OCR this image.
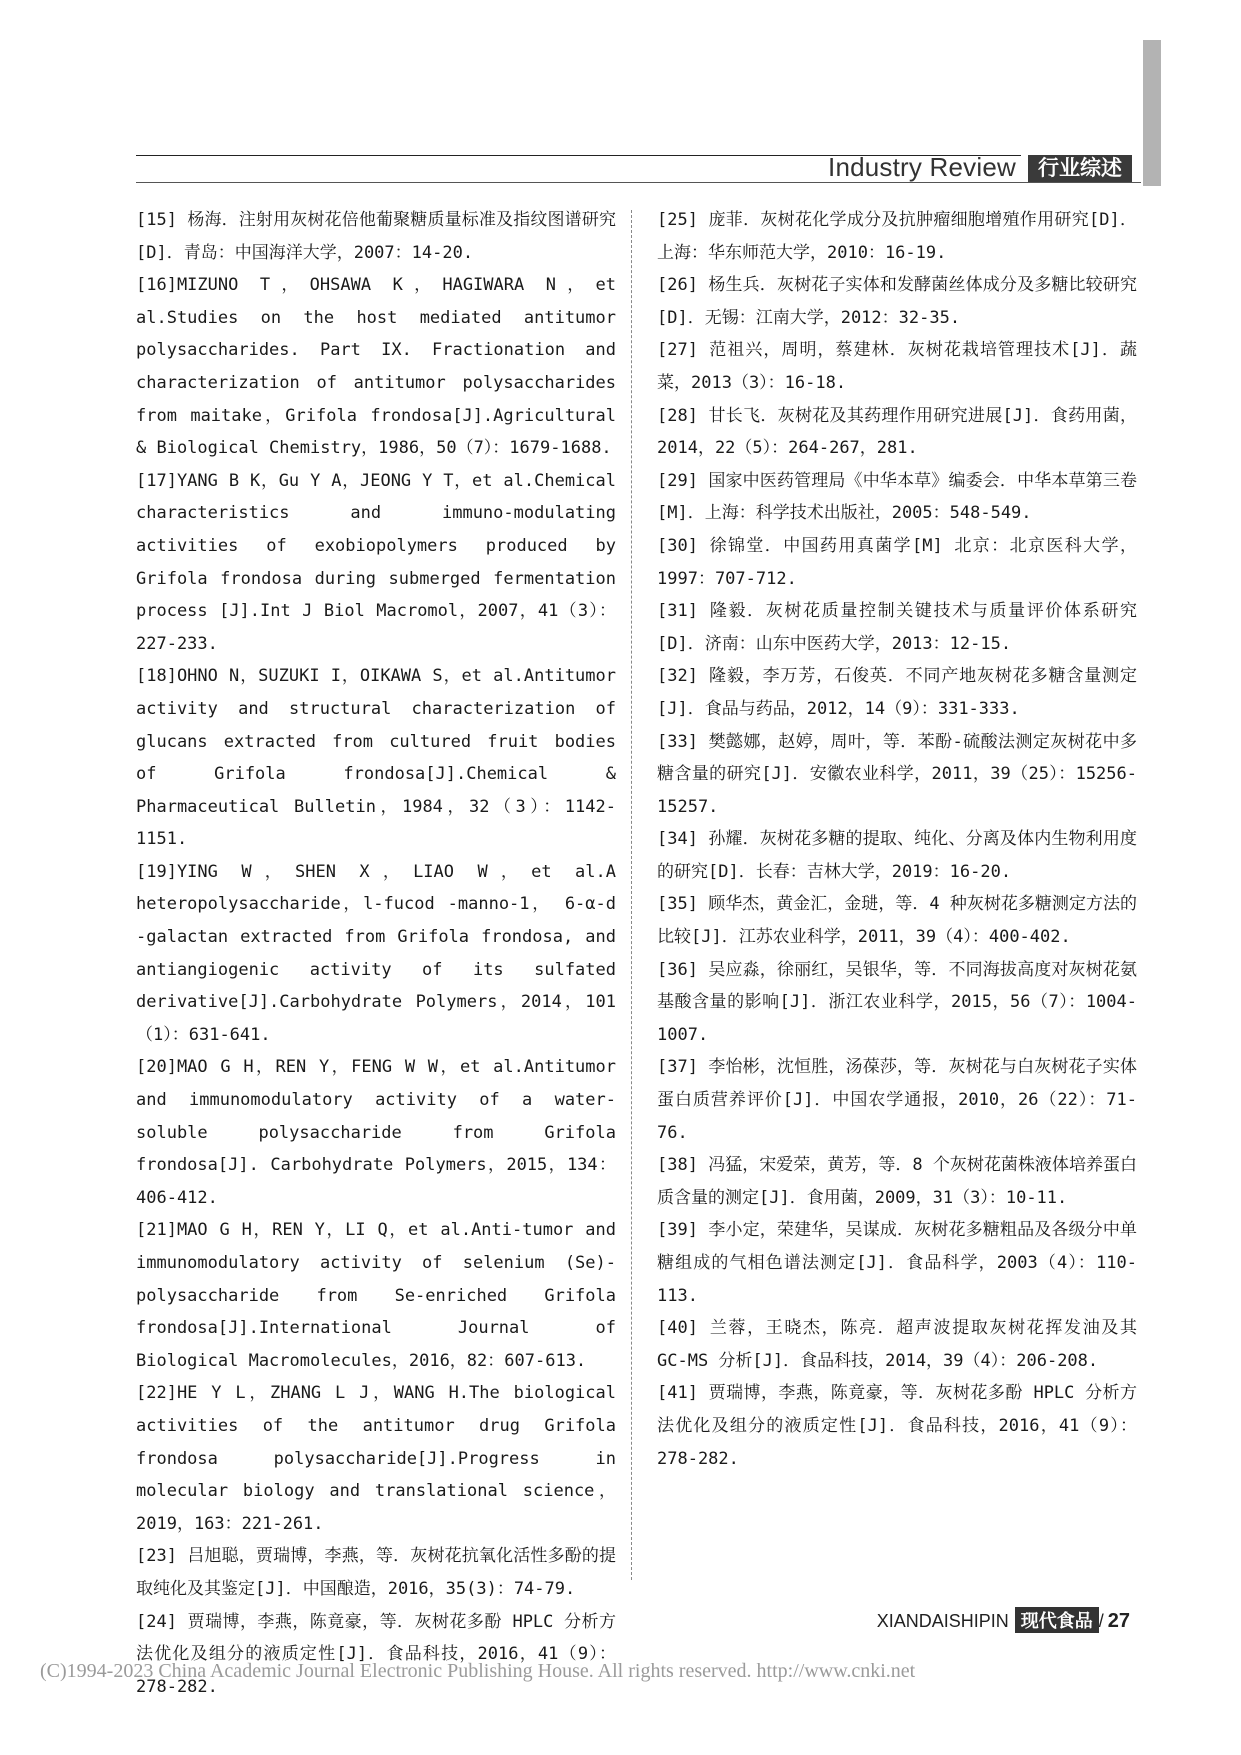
Industry Review	行业综述

[15] 杨海．注射用灰树花倍他葡聚糖质量标准及指纹图谱研究[D]．青岛：中国海洋大学，2007：14-20.

[16]MIZUNO T，OHSAWA K，HAGIWARA N，et al.Studies on the host mediated antitumor polysaccharides. Part IX. Fractionation and characterization of antitumor polysaccharides from maitake，Grifola frondosa[J].Agricultural & Biological Chemistry，1986，50（7）：1679-1688.

[17]YANG B K，Gu Y A，JEONG Y T，et al.Chemical characteristics and immuno-modulating activities of exobiopolymers produced by Grifola frondosa during submerged fermentation process [J].Int J Biol Macromol，2007，41（3）：227-233.

[18]OHNO N，SUZUKI I，OIKAWA S，et al.Antitumor activity and structural characterization of glucans extracted from cultured fruit bodies of Grifola frondosa[J].Chemical & Pharmaceutical Bulletin，1984，32（3）：1142-1151.

[19]YING W，SHEN X，LIAO W，et al.A heteropolysaccharide，l-fucod -manno-1， 6-α-d -galactan extracted from Grifola frondosa, and antiangiogenic activity of its sulfated derivative[J].Carbohydrate Polymers，2014，101（1）：631-641.

[20]MAO G H，REN Y，FENG W W，et al.Antitumor and immunomodulatory activity of a water-soluble polysaccharide from Grifola frondosa[J]. Carbohydrate Polymers，2015，134：406-412.

[21]MAO G H，REN Y，LI Q，et al.Anti-tumor and immunomodulatory activity of selenium (Se)-polysaccharide from Se-enriched Grifola frondosa[J].International Journal of Biological Macromolecules，2016，82：607-613.

[22]HE Y L，ZHANG L J，WANG H.The biological activities of the antitumor drug Grifola frondosa polysaccharide[J].Progress in molecular biology and translational science，2019，163：221-261.

[23] 吕旭聪，贾瑞博，李燕，等．灰树花抗氧化活性多酚的提取纯化及其鉴定[J]．中国酿造，2016，35(3)：74-79.

[24] 贾瑞博，李燕，陈竟豪，等．灰树花多酚 HPLC 分析方法优化及组分的液质定性[J]．食品科技，2016，41（9）：278-282.

[25] 庞菲．灰树花化学成分及抗肿瘤细胞增殖作用研究[D]．上海：华东师范大学，2010：16-19.

[26] 杨生兵．灰树花子实体和发酵菌丝体成分及多糖比较研究[D]．无锡：江南大学，2012：32-35.

[27] 范祖兴，周明，蔡建林．灰树花栽培管理技术[J]．蔬菜，2013（3）：16-18.

[28] 甘长飞．灰树花及其药理作用研究进展[J]．食药用菌，2014，22（5）：264-267，281.

[29] 国家中医药管理局《中华本草》编委会．中华本草第三卷[M]．上海：科学技术出版社，2005：548-549.

[30] 徐锦堂．中国药用真菌学[M] 北京：北京医科大学，1997：707-712.

[31] 隆毅．灰树花质量控制关键技术与质量评价体系研究[D]．济南：山东中医药大学，2013：12-15.

[32] 隆毅，李万芳，石俊英．不同产地灰树花多糖含量测定[J]．食品与药品，2012，14（9）：331-333.

[33] 樊懿娜，赵婷，周叶，等．苯酚-硫酸法测定灰树花中多糖含量的研究[J]．安徽农业科学，2011，39（25）：15256-15257.

[34] 孙耀．灰树花多糖的提取、纯化、分离及体内生物利用度的研究[D]．长春：吉林大学，2019：16-20.

[35] 顾华杰，黄金汇，金琎，等．4 种灰树花多糖测定方法的比较[J]．江苏农业科学，2011，39（4）：400-402.

[36] 吴应淼，徐丽红，吴银华，等．不同海拔高度对灰树花氨基酸含量的影响[J]．浙江农业科学，2015，56（7）：1004-1007.

[37] 李怡彬，沈恒胜，汤葆莎，等．灰树花与白灰树花子实体蛋白质营养评价[J]．中国农学通报，2010，26（22）：71-76.

[38] 冯猛，宋爱荣，黄芳，等．8 个灰树花菌株液体培养蛋白质含量的测定[J]．食用菌，2009，31（3）：10-11.

[39] 李小定，荣建华，吴谋成．灰树花多糖粗品及各级分中单糖组成的气相色谱法测定[J]．食品科学，2003（4）：110-113.

[40] 兰蓉，王晓杰，陈亮．超声波提取灰树花挥发油及其 GC-MS 分析[J]．食品科技，2014，39（4）：206-208.

[41] 贾瑞博，李燕，陈竟豪，等．灰树花多酚 HPLC 分析方法优化及组分的液质定性[J]．食品科技，2016，41（9）：278-282.

XIANDAISHIPIN 现代食品 / 27
(C)1994-2023 China Academic Journal Electronic Publishing House. All rights reserved. http://www.cnki.net
